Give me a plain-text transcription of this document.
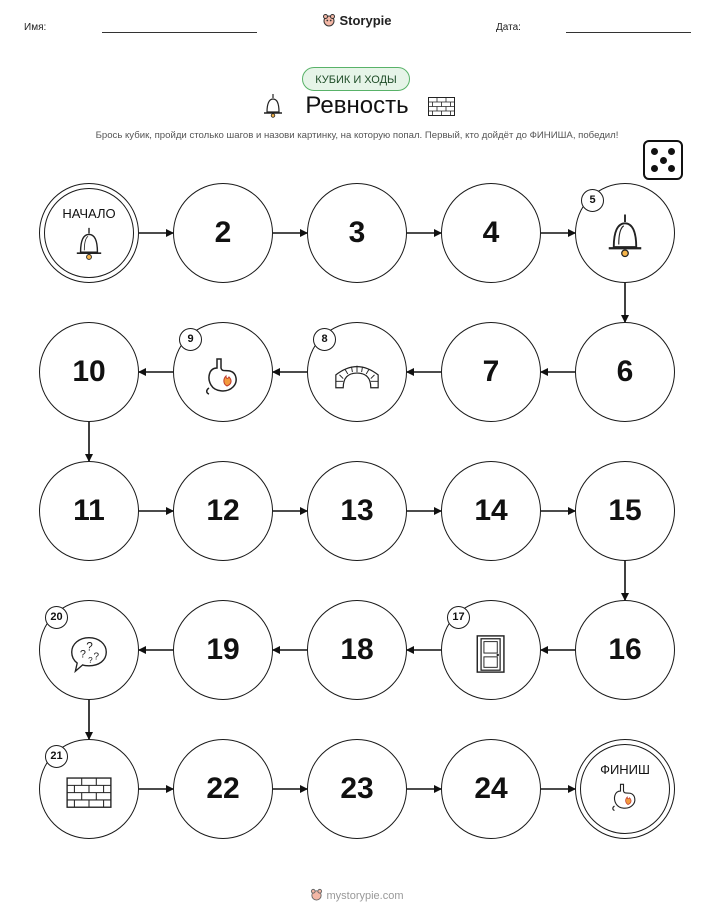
Имя:	Дата:
Storypie
КУБИК И ХОДЫ
Ревность
Брось кубик, пройди столько шагов и назови картинку, на которую попал. Первый, кто дойдёт до ФИНИША, победил!
НАЧАЛО
2	3	4
5
6
7
8
9
10
11	12	13	14	15
16
17
18
19
20
?
?
?
?
21
22	23	24
ФИНИШ
mystorypie.com
